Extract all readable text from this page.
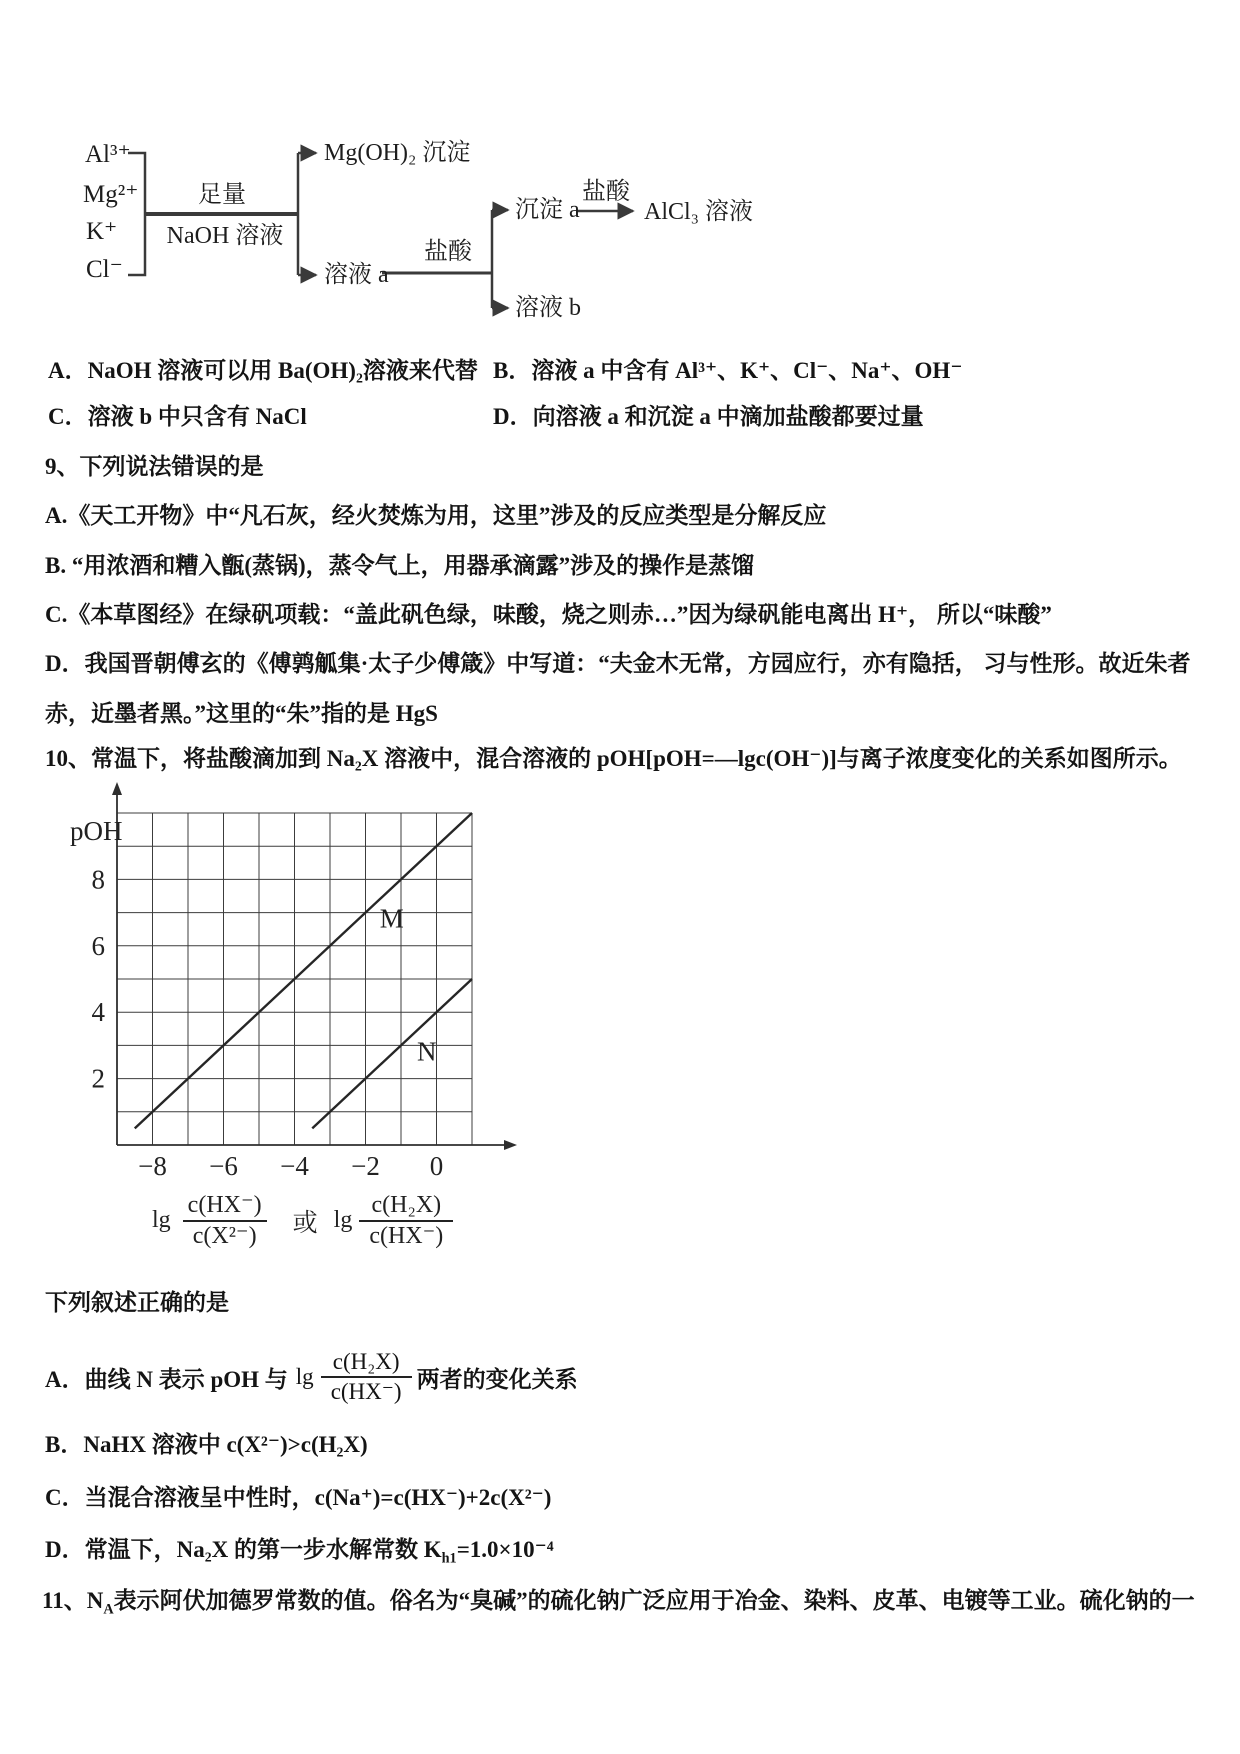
Al³⁺
Mg²⁺
K⁺
Cl⁻
足量
NaOH 溶液
Mg(OH)₂ 沉淀
溶液 a
盐酸
沉淀 a
盐酸
AlCl₃ 溶液
溶液 b
A．NaOH 溶液可以用 Ba(OH)₂溶液来代替 B．溶液 a 中含有 Al³⁺、K⁺、Cl⁻、Na⁺、OH⁻
C．溶液 b 中只含有 NaCl	D．向溶液 a 和沉淀 a 中滴加盐酸都要过量
9、下列说法错误的是
A.《天工开物》中“凡石灰，经火焚炼为用，这里”涉及的反应类型是分解反应
B. “用浓酒和糟入甑(蒸锅)，蒸令气上，用器承滴露”涉及的操作是蒸馏
C.《本草图经》在绿矾项载：“盖此矾色绿，味酸，烧之则赤…”因为绿矾能电离出 H⁺， 所以“味酸”
D．我国晋朝傅玄的《傅鹑觚集·太子少傅箴》中写道：“夫金木无常，方园应行，亦有隐括， 习与性形。故近朱者
赤，近墨者黑。”这里的“朱”指的是 HgS
10、常温下，将盐酸滴加到 Na₂X 溶液中，混合溶液的 pOH[pOH=—lgc(OH⁻)]与离子浓度变化的关系如图所示。
pOH
2
4
6
8
−8 −6 −4 −2 0
M
N
$\lg \frac{c(HX^-)}{\text{c(X²⁻)}}$ 或 $\lg \frac{\text{c(H₂X)}}{c(HX^-)}$
下列叙述正确的是
A．曲线 N 表示 pOH 与 $\lg \frac{\text{c(H₂X)}}{c(HX^-)}$ 两者的变化关系
B．NaHX 溶液中 c(X²⁻)>c(H₂X)
C．当混合溶液呈中性时，c(Na⁺)=c(HX⁻)+2c(X²⁻)
D．常温下，Na₂X 的第一步水解常数 $K_{h1}=1.0\times 10^{-4}$
11、$N_A$表示阿伏加德罗常数的值。俗名为“臭碱”的硫化钠广泛应用于冶金、染料、皮革、电镀等工业。硫化钠的一
